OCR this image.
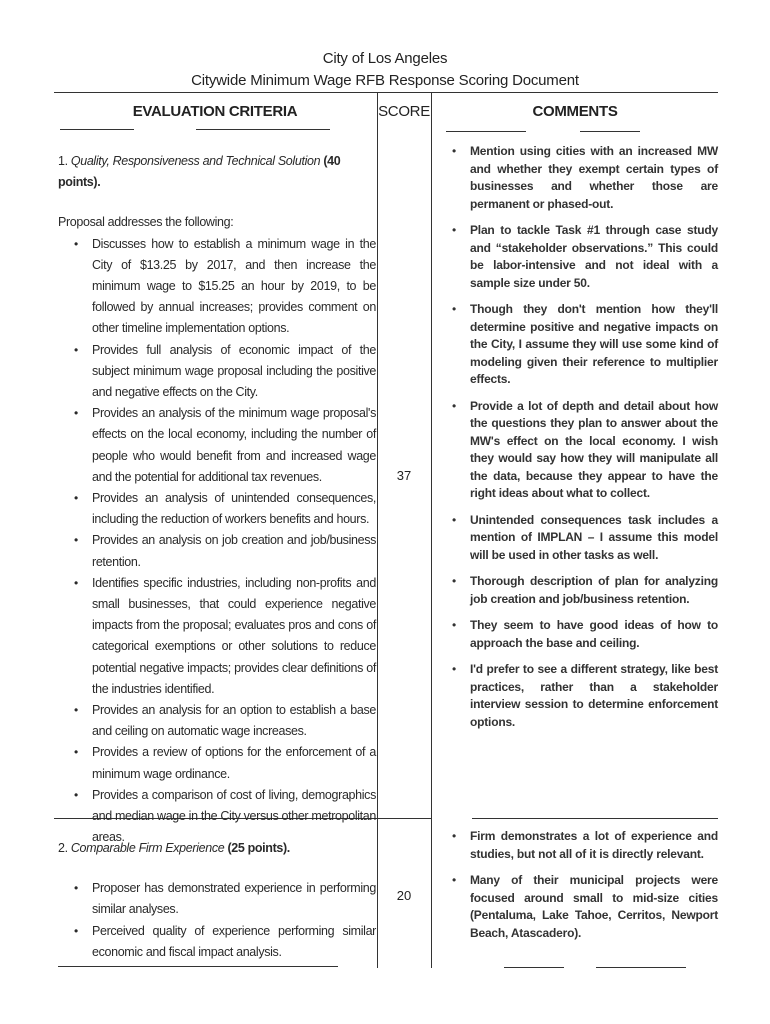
City of Los Angeles
Citywide Minimum Wage RFB Response Scoring Document
EVALUATION CRITERIA	SCORE	COMMENTS
1. Quality, Responsiveness and Technical Solution (40 points).
Proposal addresses the following:
• Discusses how to establish a minimum wage in the City of $13.25 by 2017, and then increase the minimum wage to $15.25 an hour by 2019, to be followed by annual increases; provides comment on other timeline implementation options.
• Provides full analysis of economic impact of the subject minimum wage proposal including the positive and negative effects on the City.
• Provides an analysis of the minimum wage proposal's effects on the local economy, including the number of people who would benefit from and increased wage and the potential for additional tax revenues.
• Provides an analysis of unintended consequences, including the reduction of workers benefits and hours.
• Provides an analysis on job creation and job/business retention.
• Identifies specific industries, including non-profits and small businesses, that could experience negative impacts from the proposal; evaluates pros and cons of categorical exemptions or other solutions to reduce potential negative impacts; provides clear definitions of the industries identified.
• Provides an analysis for an option to establish a base and ceiling on automatic wage increases.
• Provides a review of options for the enforcement of a minimum wage ordinance.
• Provides a comparison of cost of living, demographics and median wage in the City versus other metropolitan areas.
37
• Mention using cities with an increased MW and whether they exempt certain types of businesses and whether those are permanent or phased-out.
• Plan to tackle Task #1 through case study and “stakeholder observations.” This could be labor-intensive and not ideal with a sample size under 50.
• Though they don't mention how they'll determine positive and negative impacts on the City, I assume they will use some kind of modeling given their reference to multiplier effects.
• Provide a lot of depth and detail about how the questions they plan to answer about the MW's effect on the local economy. I wish they would say how they will manipulate all the data, because they appear to have the right ideas about what to collect.
• Unintended consequences task includes a mention of IMPLAN – I assume this model will be used in other tasks as well.
• Thorough description of plan for analyzing job creation and job/business retention.
• They seem to have good ideas of how to approach the base and ceiling.
• I'd prefer to see a different strategy, like best practices, rather than a stakeholder interview session to determine enforcement options.
2. Comparable Firm Experience (25 points).
• Proposer has demonstrated experience in performing similar analyses.
• Perceived quality of experience performing similar economic and fiscal impact analysis.
20
• Firm demonstrates a lot of experience and studies, but not all of it is directly relevant.
• Many of their municipal projects were focused around small to mid-size cities (Pentaluma, Lake Tahoe, Cerritos, Newport Beach, Atascadero).
